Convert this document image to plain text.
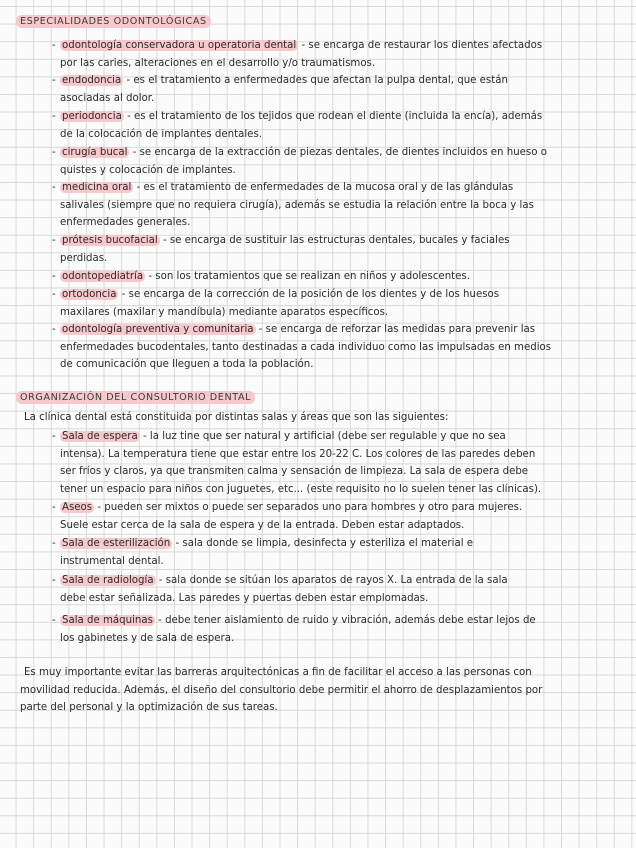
ESPECIALIDADES ODONTOLÓGICAS
- odontología conservadora u operatoria dental - se encarga de restaurar los dientes afectados
por las caries, alteraciones en el desarrollo y/o traumatismos.
- endodoncia - es el tratamiento a enfermedades que afectan la pulpa dental, que están
asociadas al dolor.
- periodoncia - es el tratamiento de los tejidos que rodean el diente (incluida la encía), además
de la colocación de implantes dentales.
- cirugía bucal - se encarga de la extracción de piezas dentales, de dientes incluidos en hueso o
quistes y colocación de implantes.
- medicina oral - es el tratamiento de enfermedades de la mucosa oral y de las glándulas
salivales (siempre que no requiera cirugía), además se estudia la relación entre la boca y las
enfermedades generales.
- prótesis bucofacial - se encarga de sustituir las estructuras dentales, bucales y faciales
perdidas.
- odontopediatría - son los tratamientos que se realizan en niños y adolescentes.
- ortodoncia - se encarga de la corrección de la posición de los dientes y de los huesos
maxilares (maxilar y mandíbula) mediante aparatos específicos.
- odontología preventiva y comunitaria - se encarga de reforzar las medidas para prevenir las
enfermedades bucodentales, tanto destinadas a cada individuo como las impulsadas en medios
de comunicación que lleguen a toda la población.
ORGANIZACIÓN DEL CONSULTORIO DENTAL
La clínica dental está constituida por distintas salas y áreas que son las siguientes:
- Sala de espera - la luz tine que ser natural y artificial (debe ser regulable y que no sea
intensa). La temperatura tiene que estar entre los 20-22 C. Los colores de las paredes deben
ser fríos y claros, ya que transmiten calma y sensación de limpieza. La sala de espera debe
tener un espacio para niños con juguetes, etc... (este requisito no lo suelen tener las clínicas).
- Aseos - pueden ser mixtos o puede ser separados uno para hombres y otro para mujeres.
Suele estar cerca de la sala de espera y de la entrada. Deben estar adaptados.
- Sala de esterilización - sala donde se limpia, desinfecta y esteriliza el material e
instrumental dental.
- Sala de radiología - sala donde se sitúan los aparatos de rayos X. La entrada de la sala
debe estar señalizada. Las paredes y puertas deben estar emplomadas.
- Sala de máquinas - debe tener aislamiento de ruido y vibración, además debe estar lejos de
los gabinetes y de sala de espera.
Es muy importante evitar las barreras arquitectónicas a fin de facilitar el acceso a las personas con
movilidad reducida. Además, el diseño del consultorio debe permitir el ahorro de desplazamientos por
parte del personal y la optimización de sus tareas.
